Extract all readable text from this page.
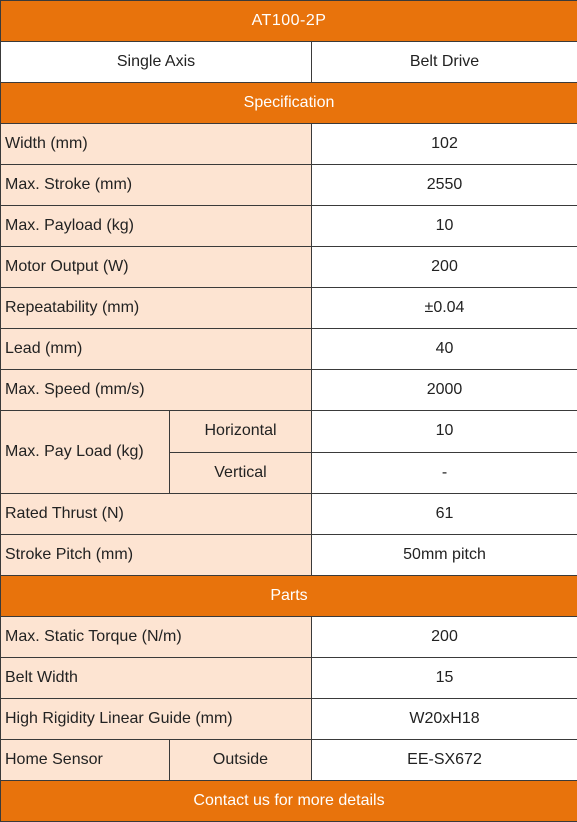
AT100-2P		
Single Axis		Belt Drive
Specification		
Width (mm)		102
Max. Stroke (mm)		2550
Max. Payload (kg)		10
Motor Output (W)		200
Repeatability (mm)		±0.04
Lead (mm)		40
Max. Speed (mm/s)		2000
Max. Pay Load (kg)	Horizontal	10
	Vertical	-
Rated Thrust (N)		61
Stroke Pitch (mm)		50mm pitch
Parts		
Max. Static Torque (N/m)		200
Belt Width		15
High Rigidity Linear Guide (mm)		W20xH18
Home Sensor	Outside	EE-SX672
Contact us for more details		
